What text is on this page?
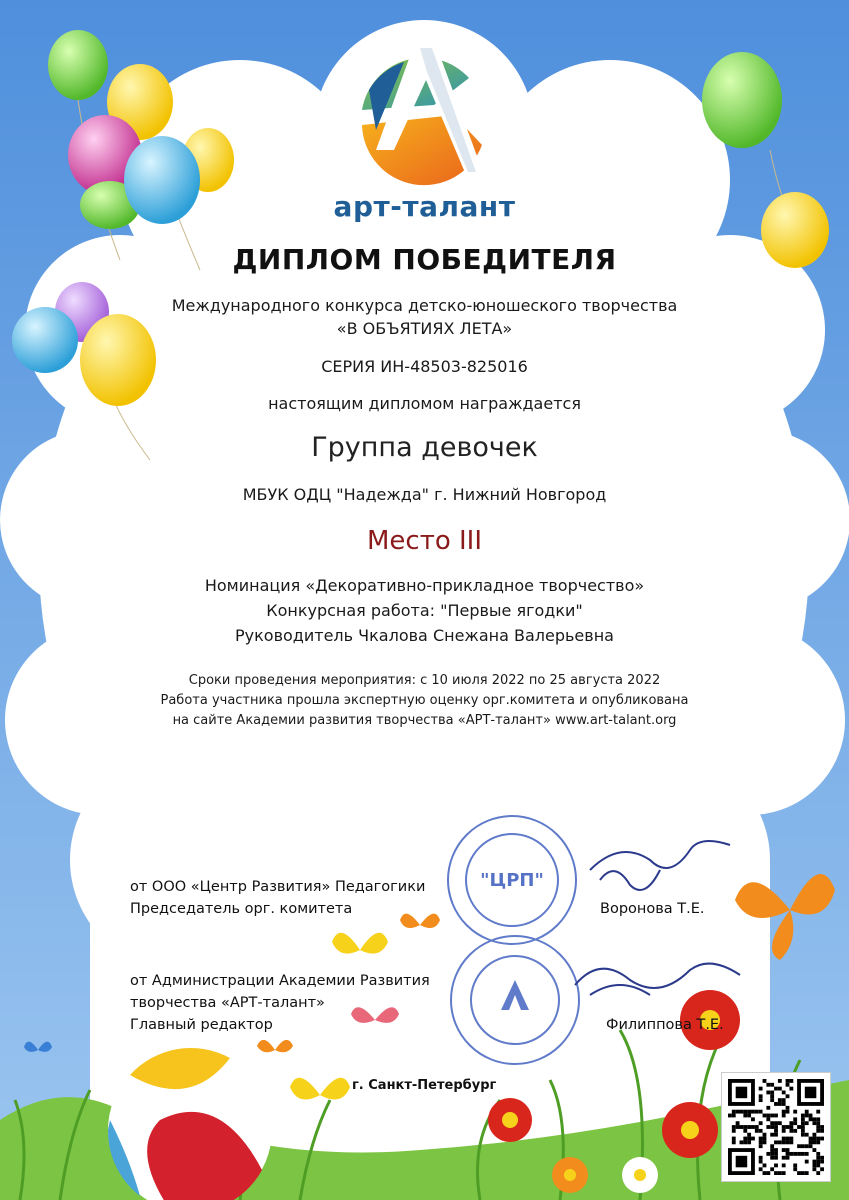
"ЦРП"
арт-талант
ДИПЛОМ ПОБЕДИТЕЛЯ
Международного конкурса детско-юношеского творчества
«В ОБЪЯТИЯХ ЛЕТА»
СЕРИЯ ИН-48503-825016
настоящим дипломом награждается
Группа девочек
МБУК ОДЦ "Надежда" г. Нижний Новгород
Место III
Номинация «Декоративно-прикладное творчество»
Конкурсная работа: "Первые ягодки"
Руководитель Чкалова Снежана Валерьевна
Сроки проведения мероприятия: с 10 июля 2022 по 25 августа 2022
Работа участника прошла экспертную оценку орг.комитета и опубликована
на сайте Академии развития творчества «АРТ-талант» www.art-talant.org
от ООО «Центр Развития» Педагогики
Председатель орг. комитета	Воронова Т.Е.
от Администрации Академии Развития
творчества «АРТ-талант»
Главный редактор	Филиппова Т.Е.
г. Санкт-Петербург
